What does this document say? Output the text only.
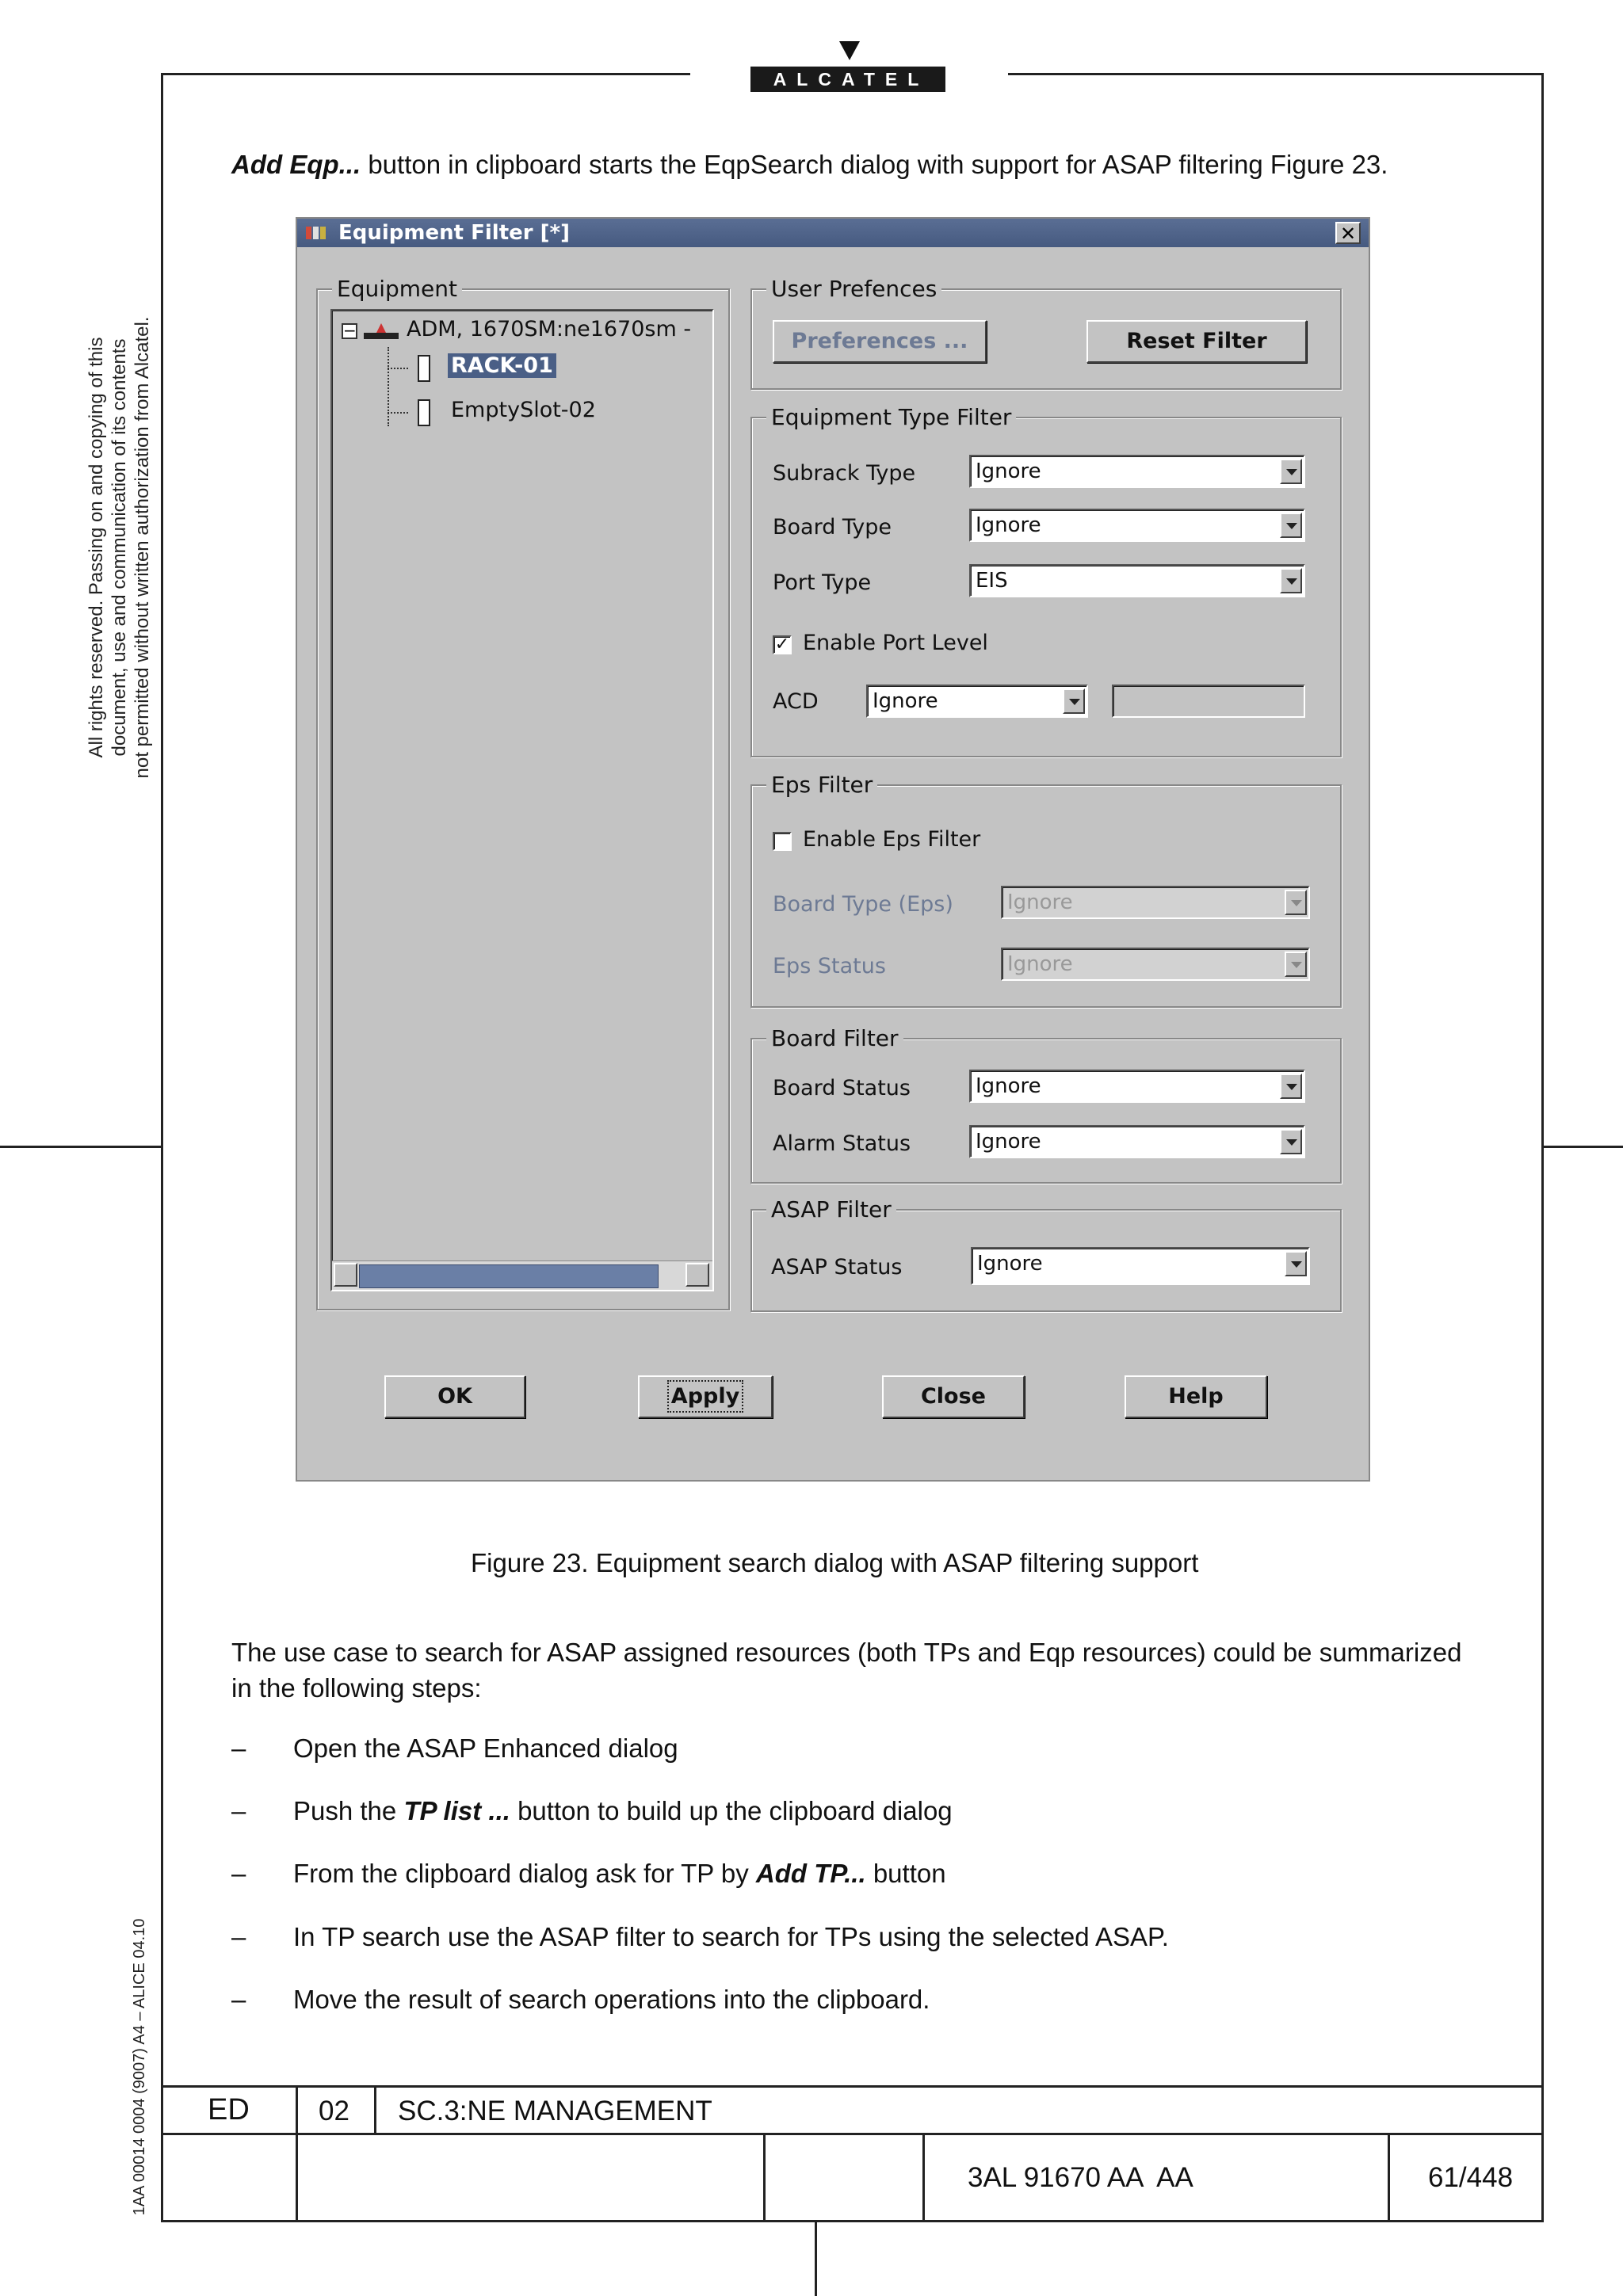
ALCATEL
All rights reserved. Passing on and copying of this document, use and communication of its contents not permitted without written authorization from Alcatel.
1AA 00014 0004 (9007) A4 – ALICE 04.10
Add Eqp... button in clipboard starts the EqpSearch dialog with support for ASAP filtering Figure 23.
Equipment Filter [*]	✕
Equipment
− ADM, 1670SM:ne1670sm -
RACK-01
EmptySlot-02
User Prefences
Preferences ...	Reset Filter
Equipment Type Filter
Subrack Type	Ignore
Board Type	Ignore
Port Type	EIS
✓ Enable Port Level
ACD	Ignore
Eps Filter
Enable Eps Filter
Board Type (Eps)	Ignore
Eps Status	Ignore
Board Filter
Board Status	Ignore
Alarm Status	Ignore
ASAP Filter
ASAP Status	Ignore
OK	Apply	Close	Help
Figure 23. Equipment search dialog with ASAP filtering support
The use case to search for ASAP assigned resources (both TPs and Eqp resources) could be summarized
in the following steps:
– Open the ASAP Enhanced dialog
– Push the TP list ... button to build up the clipboard dialog
– From the clipboard dialog ask for TP by Add TP... button
– In TP search use the ASAP filter to search for TPs using the selected ASAP.
– Move the result of search operations into the clipboard.
ED 02 SC.3:NE MANAGEMENT
3AL 91670 AA  AA	61/448
